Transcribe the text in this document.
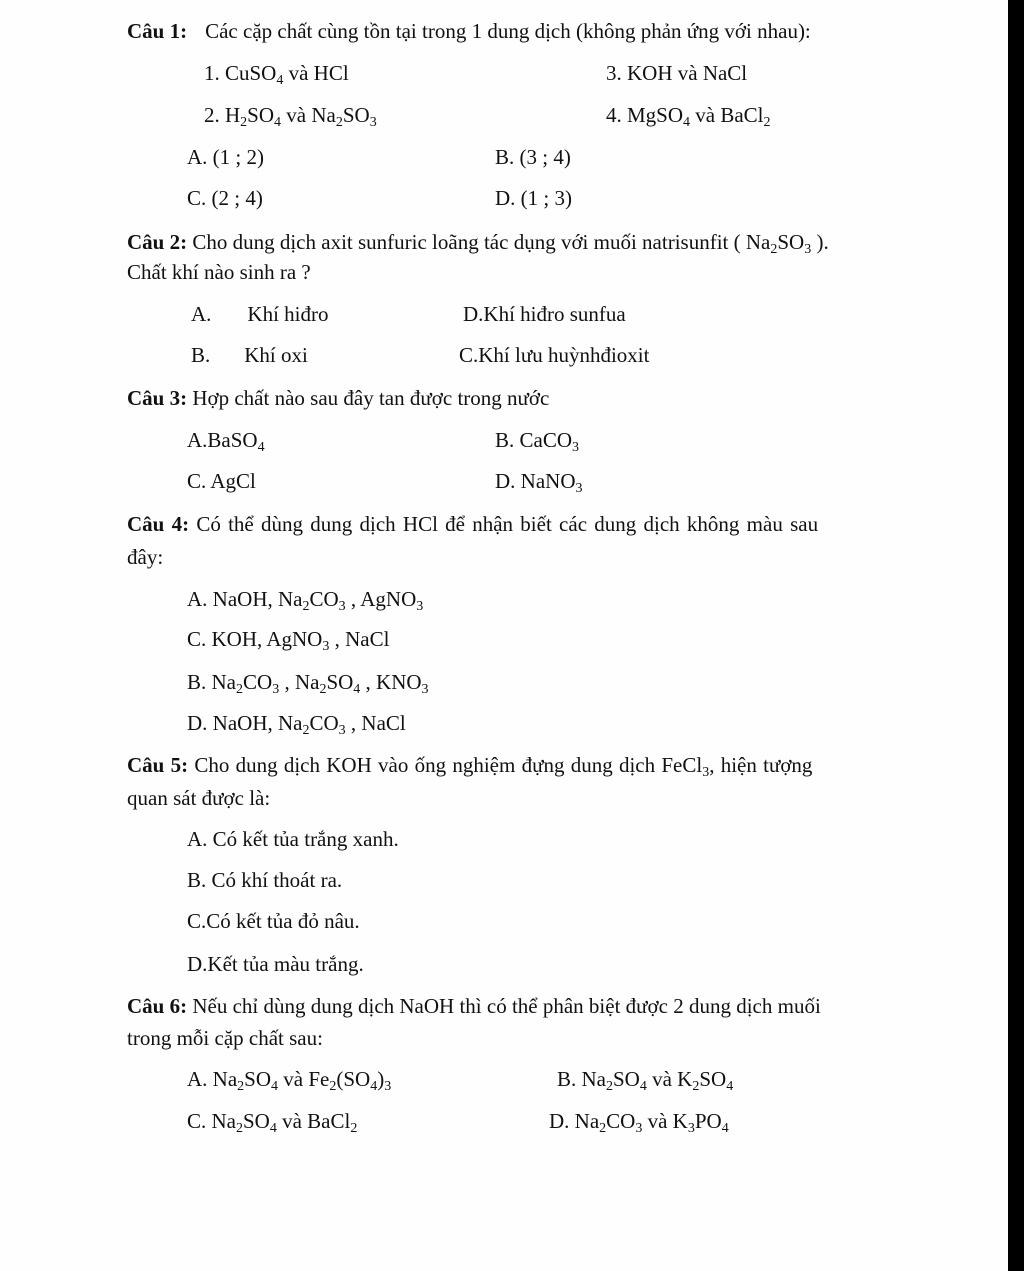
Câu 1: Các cặp chất cùng tồn tại trong 1 dung dịch (không phản ứng với nhau):
1. CuSO$_4$ và HCl	3. KOH và NaCl
2. $H_2SO_4$ và $Na_2SO_3$	4. MgSO$_4$ và BaCl$_2$
A. (1 ; 2)	B. (3 ; 4)
C. (2 ; 4)	D. (1 ; 3)
Câu 2: Cho dung dịch axit sunfuric loãng tác dụng với muối natrisunfit ( $Na_2SO_3$ ).
Chất khí nào sinh ra ?
A. Khí hiđro	D.Khí hiđro sunfua
B. Khí oxi	C.Khí lưu huỳnhđioxit
Câu 3: Hợp chất nào sau đây tan được trong nước
A.BaSO$_4$	B. CaCO$_3$
C. AgCl	D. NaNO$_3$
Câu 4: Có thể dùng dung dịch HCl để nhận biết các dung dịch không màu sau
đây:
A. NaOH, $Na_2CO_3$ , AgNO$_3$
C. KOH, AgNO$_3$ , NaCl
B. $Na_2CO_3$ , $Na_2SO_4$ , $KNO_3$
D. NaOH, $Na_2CO_3$ , NaCl
Câu 5: Cho dung dịch KOH vào ống nghiệm đựng dung dịch FeCl$_3$, hiện tượng
quan sát được là:
A. Có kết tủa trắng xanh.
B. Có khí thoát ra.
C.Có kết tủa đỏ nâu.
D.Kết tủa màu trắng.
Câu 6: Nếu chỉ dùng dung dịch NaOH thì có thể phân biệt được 2 dung dịch muối
trong mỗi cặp chất sau:
A. $Na_2SO_4$ và $Fe_2(SO_4)_3$	B. $Na_2SO_4$ và $K_2SO_4$
C. $Na_2SO_4$ và BaCl$_2$	D. $Na_2CO_3$ và $K_3PO_4$
